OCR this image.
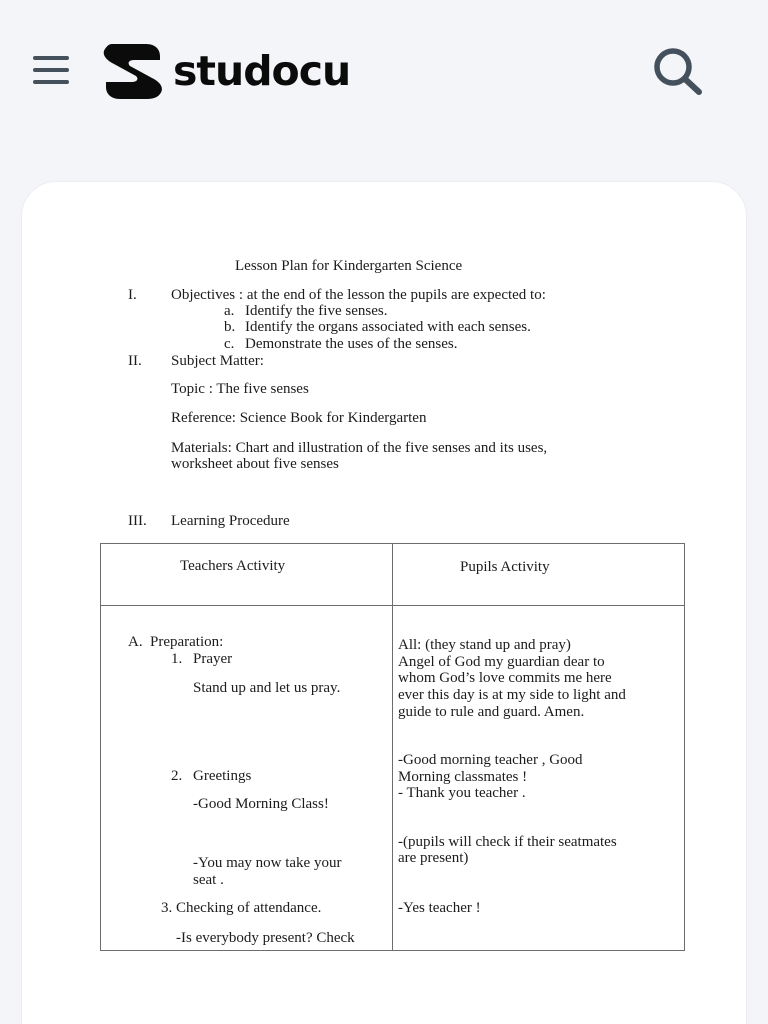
studocu
Lesson Plan for Kindergarten Science
I. Objectives : at the end of the lesson the pupils are expected to:
a. Identify the five senses.
b. Identify the organs associated with each senses.
c. Demonstrate the uses of the senses.
II. Subject Matter:
Topic : The five senses
Reference: Science Book for Kindergarten
Materials: Chart and illustration of the five senses and its uses,
worksheet about five senses
III. Learning Procedure
Teachers Activity	Pupils Activity
A. Preparation:
1. Prayer
Stand up and let us pray.
2. Greetings
-Good Morning Class!
-You may now take your
seat .
3. Checking of attendance.
-Is everybody present? Check
All: (they stand up and pray)
Angel of God my guardian dear to
whom God’s love commits me here
ever this day is at my side to light and
guide to rule and guard. Amen.
-Good morning teacher , Good
Morning classmates !
- Thank you teacher .
-(pupils will check if their seatmates
are present)
-Yes teacher !
